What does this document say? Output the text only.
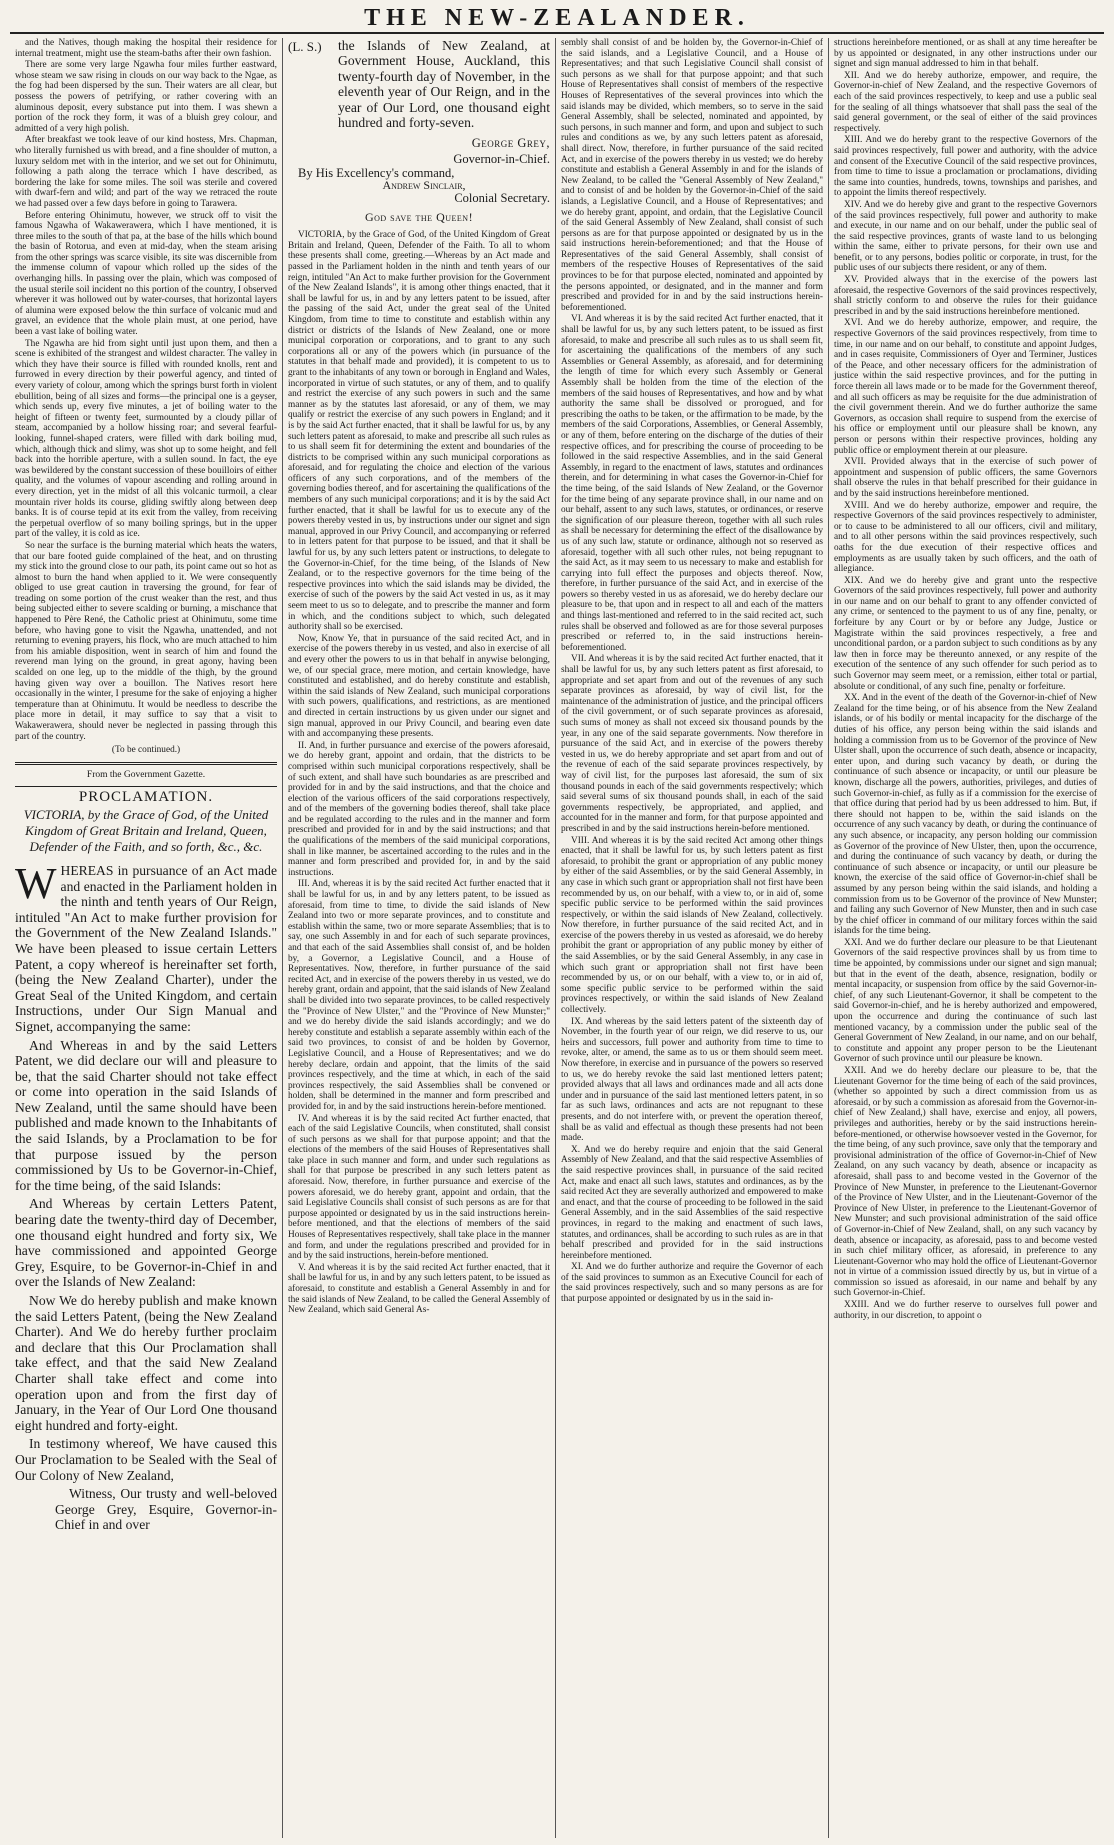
THE NEW-ZEALANDER.

and the Natives, though making the hospital their residence for internal treatment, might use the steam-baths after their own fashion.

There are some very large Ngawha four miles further eastward, whose steam we saw rising in clouds on our way back to the Ngae, as the fog had been dispersed by the sun. Their waters are all clear, but possess the powers of petrifying, or rather covering with an aluminous deposit, every substance put into them. I was shewn a portion of the rock they form, it was of a bluish grey colour, and admitted of a very high polish.

After breakfast we took leave of our kind hostess, Mrs. Chapman, who literally furnished us with bread, and a fine shoulder of mutton, a luxury seldom met with in the interior, and we set out for Ohinimutu, following a path along the terrace which I have described, as bordering the lake for some miles. The soil was sterile and covered with dwarf-fern and wild; and part of the way we retraced the route we had passed over a few days before in going to Tarawera.

Before entering Ohinimutu, however, we struck off to visit the famous Ngawha of Wakawerawera, which I have mentioned, it is three miles to the south of that pa, at the base of the hills which bound the basin of Rotorua, and even at mid-day, when the steam arising from the other springs was scarce visible, its site was discernible from the immense column of vapour which rolled up the sides of the overhanging hills. In passing over the plain, which was composed of the usual sterile soil incident no this portion of the country, I observed wherever it was hollowed out by water-courses, that horizontal layers of alumina were exposed below the thin surface of volcanic mud and gravel, an evidence that the whole plain must, at one period, have been a vast lake of boiling water.

The Ngawha are hid from sight until just upon them, and then a scene is exhibited of the strangest and wildest character. The valley in which they have their source is filled with rounded knolls, rent and furrowed in every direction by their powerful agency, and tinted of every variety of colour, among which the springs burst forth in violent ebullition, being of all sizes and forms—the principal one is a geyser, which sends up, every five minutes, a jet of boiling water to the height of fifteen or twenty feet, surmounted by a cloudy pillar of steam, accompanied by a hollow hissing roar; and several fearful-looking, funnel-shaped craters, were filled with dark boiling mud, which, although thick and slimy, was shot up to some height, and fell back into the horrible aperture, with a sullen sound. In fact, the eye was bewildered by the constant succession of these bouilloirs of either quality, and the volumes of vapour ascending and rolling around in every direction, yet in the midst of all this volcanic turmoil, a clear mountain river holds its course, gliding swiftly along between deep banks. It is of course tepid at its exit from the valley, from receiving the perpetual overflow of so many boiling springs, but in the upper part of the valley, it is cold as ice.

So near the surface is the burning material which heats the waters, that our bare footed guide complained of the heat, and on thrusting my stick into the ground close to our path, its point came out so hot as almost to burn the hand when applied to it. We were consequently obliged to use great caution in traversing the ground, for fear of treading on some portion of the crust weaker than the rest, and thus being subjected either to severe scalding or burning, a mischance that happened to Père René, the Catholic priest at Ohinimutu, some time before, who having gone to visit the Ngawha, unattended, and not returning to evening prayers, his flock, who are much attached to him from his amiable disposition, went in search of him and found the reverend man lying on the ground, in great agony, having been scalded on one leg, up to the middle of the thigh, by the ground having given way over a bouillon. The Natives resort here occasionally in the winter, I presume for the sake of enjoying a higher temperature than at Ohinimutu. It would be needless to describe the place more in detail, it may suffice to say that a visit to Wakawerawera, should never be neglected in passing through this part of the country.

(To be continued.)

From the Government Gazette.

PROCLAMATION.
VICTORIA, by the Grace of God, of the United Kingdom of Great Britain and Ireland, Queen, Defender of the Faith, and so forth, &c., &c.

WHEREAS in pursuance of an Act made and enacted in the Parliament holden in the ninth and tenth years of Our Reign, intituled "An Act to make further provision for the Government of the New Zealand Islands." We have been pleased to issue certain Letters Patent, a copy whereof is hereinafter set forth, (being the New Zealand Charter), under the Great Seal of the United Kingdom, and certain Instructions, under Our Sign Manual and Signet, accompanying the same:

And Whereas in and by the said Letters Patent, we did declare our will and pleasure to be, that the said Charter should not take effect or come into operation in the said Islands of New Zealand, until the same should have been published and made known to the Inhabitants of the said Islands, by a Proclamation to be for that purpose issued by the person commissioned by Us to be Governor-in-Chief, for the time being, of the said Islands:

And Whereas by certain Letters Patent, bearing date the twenty-third day of December, one thousand eight hundred and forty six, We have commissioned and appointed George Grey, Esquire, to be Governor-in-Chief in and over the Islands of New Zealand:

Now We do hereby publish and make known the said Letters Patent, (being the New Zealand Charter). And We do hereby further proclaim and declare that this Our Proclamation shall take effect, and that the said New Zealand Charter shall take effect and come into operation upon and from the first day of January, in the Year of Our Lord One thousand eight hundred and forty-eight.

In testimony whereof, We have caused this Our Proclamation to be Sealed with the Seal of Our Colony of New Zealand,

Witness, Our trusty and well-beloved George Grey, Esquire, Governor-in-Chief in and over

(L. S.)	the Islands of New Zealand, at Government House, Auckland, this twenty-fourth day of November, in the eleventh year of Our Reign, and in the year of Our Lord, one thousand eight hundred and forty-seven.

George Grey,

Governor-in-Chief.

By His Excellency's command,

Andrew Sinclair,

Colonial Secretary.

God save the Queen!

VICTORIA, by the Grace of God, of the United Kingdom of Great Britain and Ireland, Queen, Defender of the Faith. To all to whom these presents shall come, greeting.—Whereas by an Act made and passed in the Parliament holden in the ninth and tenth years of our reign, intituled "An Act to make further provision for the Government of the New Zealand Islands", it is among other things enacted, that it shall be lawful for us, in and by any letters patent to be issued, after the passing of the said Act, under the great seal of the United Kingdom, from time to time to constitute and establish within any district or districts of the Islands of New Zealand, one or more municipal corporation or corporations, and to grant to any such corporations all or any of the powers which (in pursuance of the statutes in that behalf made and provided), it is competent to us to grant to the inhabitants of any town or borough in England and Wales, incorporated in virtue of such statutes, or any of them, and to qualify and restrict the exercise of any such powers in such and the same manner as by the statutes last aforesaid, or any of them, we may qualify or restrict the exercise of any such powers in England; and it is by the said Act further enacted, that it shall be lawful for us, by any such letters patent as aforesaid, to make and prescribe all such rules as to us shall seem fit for determining the extent and boundaries of the districts to be comprised within any such municipal corporations as aforesaid, and for regulating the choice and election of the various officers of any such corporations, and of the members of the governing bodies thereof, and for ascertaining the qualifications of the members of any such municipal corporations; and it is by the said Act further enacted, that it shall be lawful for us to execute any of the powers thereby vested in us, by instructions under our signet and sign manual, approved in our Privy Council, and accompanying or referred to in letters patent for that purpose to be issued, and that it shall be lawful for us, by any such letters patent or instructions, to delegate to the Governor-in-Chief, for the time being, of the Islands of New Zealand, or to the respective governors for the time being of the respective provinces into which the said islands may be divided, the exercise of such of the powers by the said Act vested in us, as it may seem meet to us so to delegate, and to prescribe the manner and form in which, and the conditions subject to which, such delegated authority shall so be exercised.

Now, Know Ye, that in pursuance of the said recited Act, and in exercise of the powers thereby in us vested, and also in exercise of all and every other the powers to us in that behalf in anywise belonging, we, of our special grace, mere motion, and certain knowledge, have constituted and established, and do hereby constitute and establish, within the said islands of New Zealand, such municipal corporations with such powers, qualifications, and restrictions, as are mentioned and directed in certain instructions by us given under our signet and sign manual, approved in our Privy Council, and bearing even date with and accompanying these presents.

II. And, in further pursuance and exercise of the powers aforesaid, we do hereby grant, appoint and ordain, that the districts to be comprised within such municipal corporations respectively, shall be of such extent, and shall have such boundaries as are prescribed and provided for in and by the said instructions, and that the choice and election of the various officers of the said corporations respectively, and of the members of the governing bodies thereof, shall take place and be regulated according to the rules and in the manner and form prescribed and provided for in and by the said instructions; and that the qualifications of the members of the said municipal corporations, shall in like manner, be ascertained according to the rules and in the manner and form prescribed and provided for, in and by the said instructions.

III. And, whereas it is by the said recited Act further enacted that it shall be lawful for us, in and by any letters patent, to be issued as aforesaid, from time to time, to divide the said islands of New Zealand into two or more separate provinces, and to constitute and establish within the same, two or more separate Assemblies; that is to say, one such Assembly in and for each of such separate provinces, and that each of the said Assemblies shall consist of, and be holden by, a Governor, a Legislative Council, and a House of Representatives. Now, therefore, in further pursuance of the said recited Act, and in exercise of the powers thereby in us vested, we do hereby grant, ordain and appoint, that the said islands of New Zealand shall be divided into two separate provinces, to be called respectively the "Province of New Ulster," and the "Province of New Munster;" and we do hereby divide the said islands accordingly; and we do hereby constitute and establish a separate assembly within each of the said two provinces, to consist of and be holden by Governor, Legislative Council, and a House of Representatives; and we do hereby declare, ordain and appoint, that the limits of the said provinces respectively, and the time at which, in each of the said provinces respectively, the said Assemblies shall be convened or holden, shall be determined in the manner and form prescribed and provided for, in and by the said instructions herein-before mentioned.

IV. And whereas it is by the said recited Act further enacted, that each of the said Legislative Councils, when constituted, shall consist of such persons as we shall for that purpose appoint; and that the elections of the members of the said Houses of Representatives shall take place in such manner and form, and under such regulations as shall for that purpose be prescribed in any such letters patent as aforesaid. Now, therefore, in further pursuance and exercise of the powers aforesaid, we do hereby grant, appoint and ordain, that the said Legislative Councils shall consist of such persons as are for that purpose appointed or designated by us in the said instructions herein-before mentioned, and that the elections of members of the said Houses of Representatives respectively, shall take place in the manner and form, and under the regulations prescribed and provided for in and by the said instructions, herein-before mentioned.

V. And whereas it is by the said recited Act further enacted, that it shall be lawful for us, in and by any such letters patent, to be issued as aforesaid, to constitute and establish a General Assembly in and for the said islands of New Zealand, to be called the General Assembly of New Zealand, which said General As-

sembly shall consist of and be holden by, the Governor-in-Chief of the said islands, and a Legislative Council, and a House of Representatives; and that such Legislative Council shall consist of such persons as we shall for that purpose appoint; and that such House of Representatives shall consist of members of the respective Houses of Representatives of the several provinces into which the said islands may be divided, which members, so to serve in the said General Assembly, shall be selected, nominated and appointed, by such persons, in such manner and form, and upon and subject to such rules and conditions as we, by any such letters patent as aforesaid, shall direct. Now, therefore, in further pursuance of the said recited Act, and in exercise of the powers thereby in us vested; we do hereby constitute and establish a General Assembly in and for the islands of New Zealand, to be called the "General Assembly of New Zealand," and to consist of and be holden by the Governor-in-Chief of the said islands, a Legislative Council, and a House of Representatives; and we do hereby grant, appoint, and ordain, that the Legislative Council of the said General Assembly of New Zealand, shall consist of such persons as are for that purpose appointed or designated by us in the said instructions herein-beforementioned; and that the House of Representatives of the said General Assembly, shall consist of members of the respective Houses of Representatives of the said provinces to be for that purpose elected, nominated and appointed by the persons appointed, or designated, and in the manner and form prescribed and provided for in and by the said instructions herein-beforementioned.

VI. And whereas it is by the said recited Act further enacted, that it shall be lawful for us, by any such letters patent, to be issued as first aforesaid, to make and prescribe all such rules as to us shall seem fit, for ascertaining the qualifications of the members of any such Assemblies or General Assembly, as aforesaid, and for determining the length of time for which every such Assembly or General Assembly shall be holden from the time of the election of the members of the said houses of Representatives, and how and by what authority the same shall be dissolved or prorogued, and for prescribing the oaths to be taken, or the affirmation to be made, by the members of the said Corporations, Assemblies, or General Assembly, or any of them, before entering on the discharge of the duties of their respective offices, and for prescribing the course of proceeding to be followed in the said respective Assemblies, and in the said General Assembly, in regard to the enactment of laws, statutes and ordinances therein, and for determining in what cases the Governor-in-Chief for the time being, of the said Islands of New Zealand, or the Governor for the time being of any separate province shall, in our name and on our behalf, assent to any such laws, statutes, or ordinances, or reserve the signification of our pleasure thereon, together with all such rules as shall be necessary for determining the effect of the disallowance by us of any such law, statute or ordinance, although not so reserved as aforesaid, together with all such other rules, not being repugnant to the said Act, as it may seem to us necessary to make and establish for carrying into full effect the purposes and objects thereof. Now, therefore, in further pursuance of the said Act, and in exercise of the powers so thereby vested in us as aforesaid, we do hereby declare our pleasure to be, that upon and in respect to all and each of the matters and things last-mentioned and referred to in the said recited act, such rules shall be observed and followed as are for those several purposes prescribed or referred to, in the said instructions herein-beforementioned.

VII. And whereas it is by the said recited Act further enacted, that it shall be lawful for us, by any such letters patent as first aforesaid, to appropriate and set apart from and out of the revenues of any such separate provinces as aforesaid, by way of civil list, for the maintenance of the administration of justice, and the principal officers of the civil government, or of such separate provinces as aforesaid, such sums of money as shall not exceed six thousand pounds by the year, in any one of the said separate governments. Now therefore in pursuance of the said Act, and in exercise of the powers thereby vested in us, we do hereby appropriate and set apart from and out of the revenue of each of the said separate provinces respectively, by way of civil list, for the purposes last aforesaid, the sum of six thousand pounds in each of the said governments respectively; which said several sums of six thousand pounds shall, in each of the said governments respectively, be appropriated, and applied, and accounted for in the manner and form, for that purpose appointed and prescribed in and by the said instructions herein-before mentioned.

VIII. And whereas it is by the said recited Act among other things enacted, that it shall be lawful for us, by such letters patent as first aforesaid, to prohibit the grant or appropriation of any public money by either of the said Assemblies, or by the said General Assembly, in any case in which such grant or appropriation shall not first have been recommended by us, on our behalf, with a view to, or in aid of, some specific public service to be performed within the said provinces respectively, or within the said islands of New Zealand, collectively. Now therefore, in further pursuance of the said recited Act, and in exercise of the powers thereby in us vested as aforesaid, we do hereby prohibit the grant or appropriation of any public money by either of the said Assemblies, or by the said General Assembly, in any case in which such grant or appropriation shall not first have been recommended by us, or on our behalf, with a view to, or in aid of, some specific public service to be performed within the said provinces respectively, or within the said islands of New Zealand collectively.

IX. And whereas by the said letters patent of the sixteenth day of November, in the fourth year of our reign, we did reserve to us, our heirs and successors, full power and authority from time to time to revoke, alter, or amend, the same as to us or them should seem meet. Now therefore, in exercise and in pursuance of the powers so reserved to us, we do hereby revoke the said last mentioned letters patent; provided always that all laws and ordinances made and all acts done under and in pursuance of the said last mentioned letters patent, in so far as such laws, ordinances and acts are not repugnant to these presents, and do not interfere with, or prevent the operation thereof, shall be as valid and effectual as though these presents had not been made.

X. And we do hereby require and enjoin that the said General Assembly of New Zealand, and that the said respective Assemblies of the said respective provinces shall, in pursuance of the said recited Act, make and enact all such laws, statutes and ordinances, as by the said recited Act they are severally authorized and empowered to make and enact, and that the course of proceeding to be followed in the said General Assembly, and in the said Assemblies of the said respective provinces, in regard to the making and enactment of such laws, statutes, and ordinances, shall be according to such rules as are in that behalf prescribed and provided for in the said instructions hereinbefore mentioned.

XI. And we do further authorize and require the Governor of each of the said provinces to summon as an Executive Council for each of the said provinces respectively, such and so many persons as are for that purpose appointed or designated by us in the said in-

structions hereinbefore mentioned, or as shall at any time hereafter be by us appointed or designated, in any other instructions under our signet and sign manual addressed to him in that behalf.

XII. And we do hereby authorize, empower, and require, the Governor-in-chief of New Zealand, and the respective Governors of each of the said provinces respectively, to keep and use a public seal for the sealing of all things whatsoever that shall pass the seal of the said general government, or the seal of either of the said provinces respectively.

XIII. And we do hereby grant to the respective Governors of the said provinces respectively, full power and authority, with the advice and consent of the Executive Council of the said respective provinces, from time to time to issue a proclamation or proclamations, dividing the same into counties, hundreds, towns, townships and parishes, and to appoint the limits thereof respectively.

XIV. And we do hereby give and grant to the respective Governors of the said provinces respectively, full power and authority to make and execute, in our name and on our behalf, under the public seal of the said respective provinces, grants of waste land to us belonging within the same, either to private persons, for their own use and benefit, or to any persons, bodies politic or corporate, in trust, for the public uses of our subjects there resident, or any of them.

XV. Provided always that in the exercise of the powers last aforesaid, the respective Governors of the said provinces respectively, shall strictly conform to and observe the rules for their guidance prescribed in and by the said instructions hereinbefore mentioned.

XVI. And we do hereby authorize, empower, and require, the respective Governors of the said provinces respectively, from time to time, in our name and on our behalf, to constitute and appoint Judges, and in cases requisite, Commissioners of Oyer and Terminer, Justices of the Peace, and other necessary officers for the administration of justice within the said respective provinces, and for the putting in force therein all laws made or to be made for the Government thereof, and all such officers as may be requisite for the due administration of the civil government therein. And we do further authorize the same Governors, as occasion shall require to suspend from the exercise of his office or employment until our pleasure shall be known, any person or persons within their respective provinces, holding any public office or employment therein at our pleasure.

XVII. Provided always that in the exercise of such power of appointment and suspension of public officers, the same Governors shall observe the rules in that behalf prescribed for their guidance in and by the said instructions hereinbefore mentioned.

XVIII. And we do hereby authorize, empower and require, the respective Governors of the said provinces respectively to administer, or to cause to be administered to all our officers, civil and military, and to all other persons within the said provinces respectively, such oaths for the due execution of their respective offices and employments as are usually taken by such officers, and the oath of allegiance.

XIX. And we do hereby give and grant unto the respective Governors of the said provinces respectively, full power and authority in our name and on our behalf to grant to any offender convicted of any crime, or sentenced to the payment to us of any fine, penalty, or forfeiture by any Court or by or before any Judge, Justice or Magistrate within the said provinces respectively, a free and unconditional pardon, or a pardon subject to such conditions as by any law then in force may be thereunto annexed, or any respite of the execution of the sentence of any such offender for such period as to such Governor may seem meet, or a remission, either total or partial, absolute or conditional, of any such fine, penalty or forfeiture.

XX. And in the event of the death of the Governor-in-chief of New Zealand for the time being, or of his absence from the New Zealand islands, or of his bodily or mental incapacity for the discharge of the duties of his office, any person being within the said islands and holding a commission from us to be Governor of the province of New Ulster shall, upon the occurrence of such death, absence or incapacity, enter upon, and during such vacancy by death, or during the continuance of such absence or incapacity, or until our pleasure be known, discharge all the powers, authorities, privileges, and duties of such Governor-in-chief, as fully as if a commission for the exercise of that office during that period had by us been addressed to him. But, if there should not happen to be, within the said islands on the occurrence of any such vacancy by death, or during the continuance of any such absence, or incapacity, any person holding our commission as Governor of the province of New Ulster, then, upon the occurrence, and during the continuance of such vacancy by death, or during the continuance of such absence or incapacity, or until our pleasure be known, the exercise of the said office of Governor-in-chief shall be assumed by any person being within the said islands, and holding a commission from us to be Governor of the province of New Munster; and failing any such Governor of New Munster, then and in such case by the chief officer in command of our military forces within the said islands for the time being.

XXI. And we do further declare our pleasure to be that Lieutenant Governors of the said respective provinces shall by us from time to time be appointed, by commissions under our signet and sign manual; but that in the event of the death, absence, resignation, bodily or mental incapacity, or suspension from office by the said Governor-in-chief, of any such Lieutenant-Governor, it shall be competent to the said Governor-in-chief, and he is hereby authorized and empowered, upon the occurrence and during the continuance of such last mentioned vacancy, by a commission under the public seal of the General Government of New Zealand, in our name, and on our behalf, to constitute and appoint any proper person to be the Lieutenant Governor of such province until our pleasure be known.

XXII. And we do hereby declare our pleasure to be, that the Lieutenant Governor for the time being of each of the said provinces, (whether so appointed by such a direct commission from us as aforesaid, or by such a commission as aforesaid from the Governor-in-chief of New Zealand,) shall have, exercise and enjoy, all powers, privileges and authorities, hereby or by the said instructions herein-before-mentioned, or otherwise howsoever vested in the Governor, for the time being, of any such province, save only that the temporary and provisional administration of the office of Governor-in-Chief of New Zealand, on any such vacancy by death, absence or incapacity as aforesaid, shall pass to and become vested in the Governor of the Province of New Munster, in preference to the Lieutenant-Governor of the Province of New Ulster, and in the Lieutenant-Governor of the Province of New Ulster, in preference to the Lieutenant-Governor of New Munster; and such provisional administration of the said office of Governor-in-Chief of New Zealand, shall, on any such vacancy by death, absence or incapacity, as aforesaid, pass to and become vested in such chief military officer, as aforesaid, in preference to any Lieutenant-Governor who may hold the office of Lieutenant-Governor not in virtue of a commission issued directly by us, but in virtue of a commission so issued as aforesaid, in our name and behalf by any such Governor-in-Chief.

XXIII. And we do further reserve to ourselves full power and authority, in our discretion, to appoint o
